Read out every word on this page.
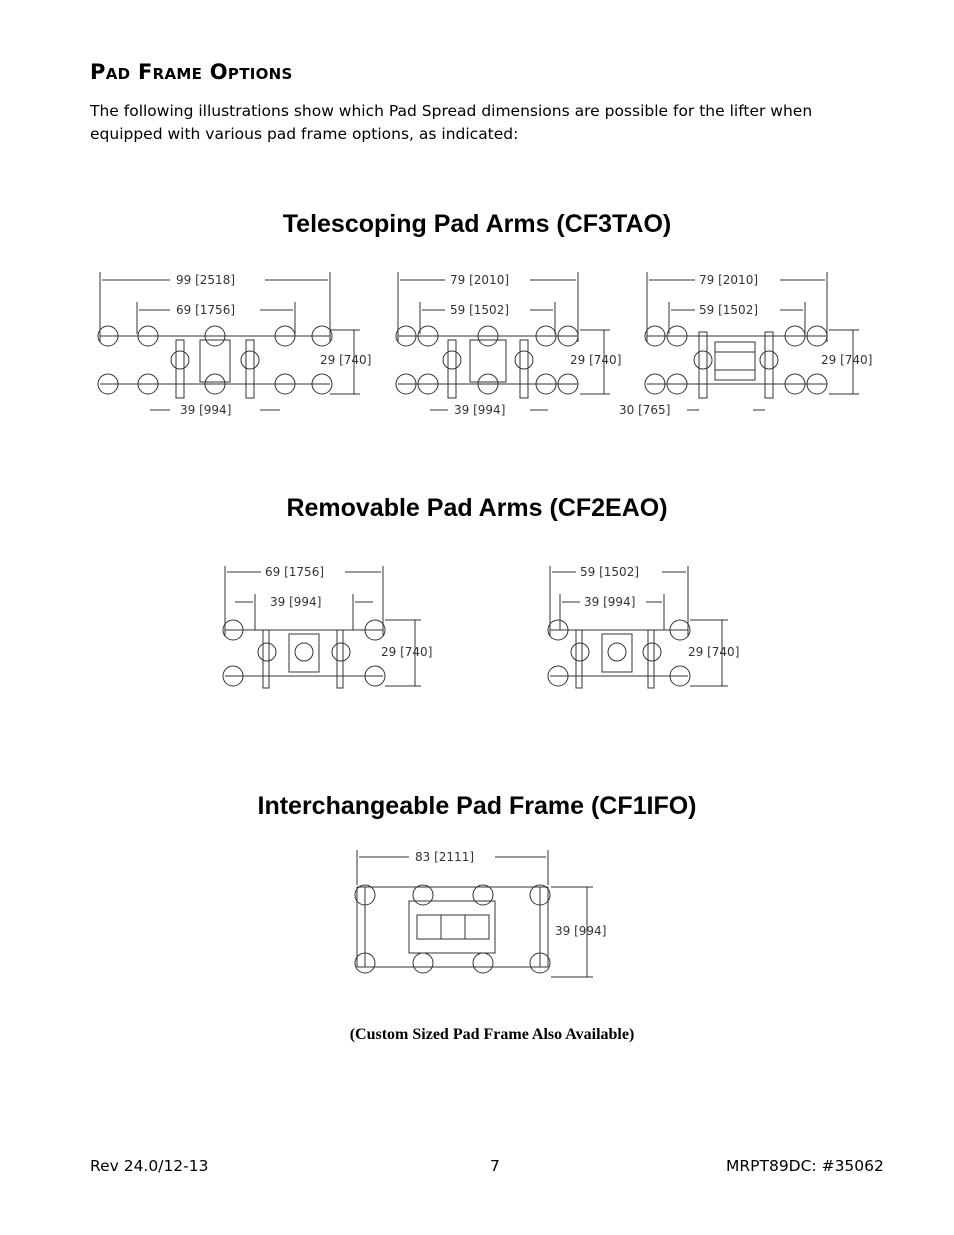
Pad Frame Options

The following illustrations show which Pad Spread dimensions are possible for the lifter when equipped with various pad frame options, as indicated:

Telescoping Pad Arms (CF3TAO)
99 [2518]
69 [1756]
29 [740]
39 [994]
79 [2010]
59 [1502]
29 [740]
39 [994]
79 [2010]
59 [1502]
29 [740]
30 [765]
Removable Pad Arms (CF2EAO)
69 [1756]
39 [994]
29 [740]
59 [1502]
39 [994]
29 [740]
Interchangeable Pad Frame (CF1IFO)
83 [2111]
39 [994]

(Custom Sized Pad Frame Also Available)

Rev 24.0/12-13	7	MRPT89DC: #35062
